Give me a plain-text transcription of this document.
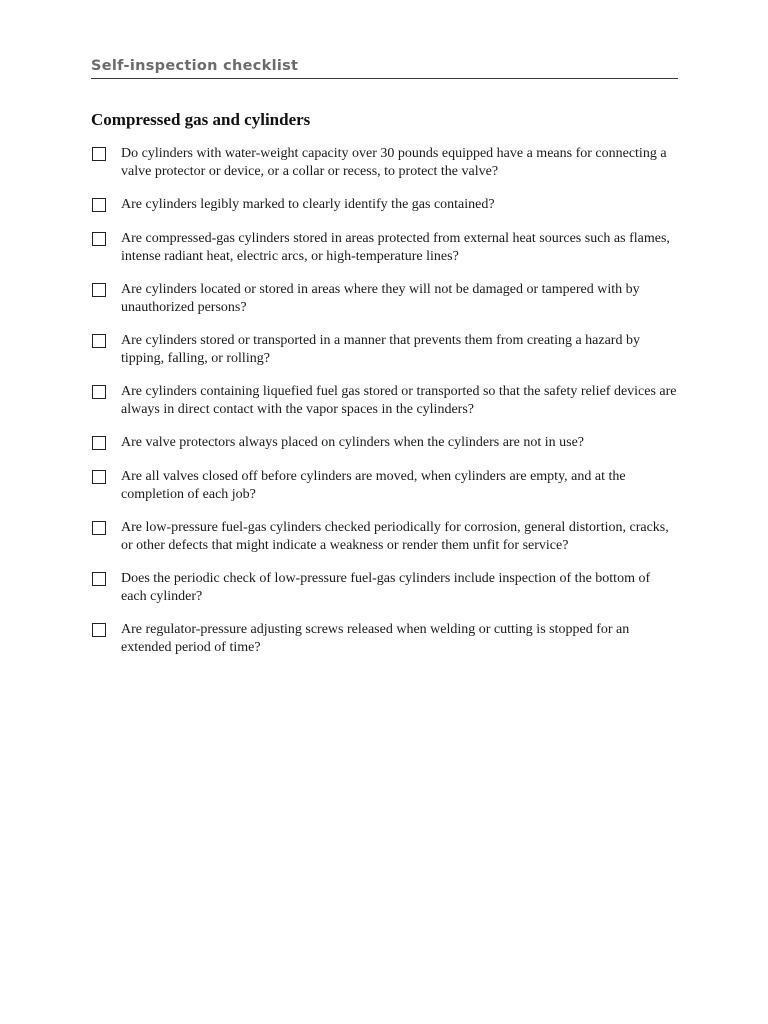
Self-inspection checklist
Compressed gas and cylinders
Do cylinders with water-weight capacity over 30 pounds equipped have a means for connecting a valve protector or device, or a collar or recess, to protect the valve?
Are cylinders legibly marked to clearly identify the gas contained?
Are compressed-gas cylinders stored in areas protected from external heat sources such as flames, intense radiant heat, electric arcs, or high-temperature lines?
Are cylinders located or stored in areas where they will not be damaged or tampered with by unauthorized persons?
Are cylinders stored or transported in a manner that prevents them from creating a hazard by tipping, falling, or rolling?
Are cylinders containing liquefied fuel gas stored or transported so that the safety relief devices are always in direct contact with the vapor spaces in the cylinders?
Are valve protectors always placed on cylinders when the cylinders are not in use?
Are all valves closed off before cylinders are moved, when cylinders are empty, and at the completion of each job?
Are low-pressure fuel-gas cylinders checked periodically for corrosion, general distortion, cracks, or other defects that might indicate a weakness or render them unfit for service?
Does the periodic check of low-pressure fuel-gas cylinders include inspection of the bottom of each cylinder?
Are regulator-pressure adjusting screws released when welding or cutting is stopped for an extended period of time?
